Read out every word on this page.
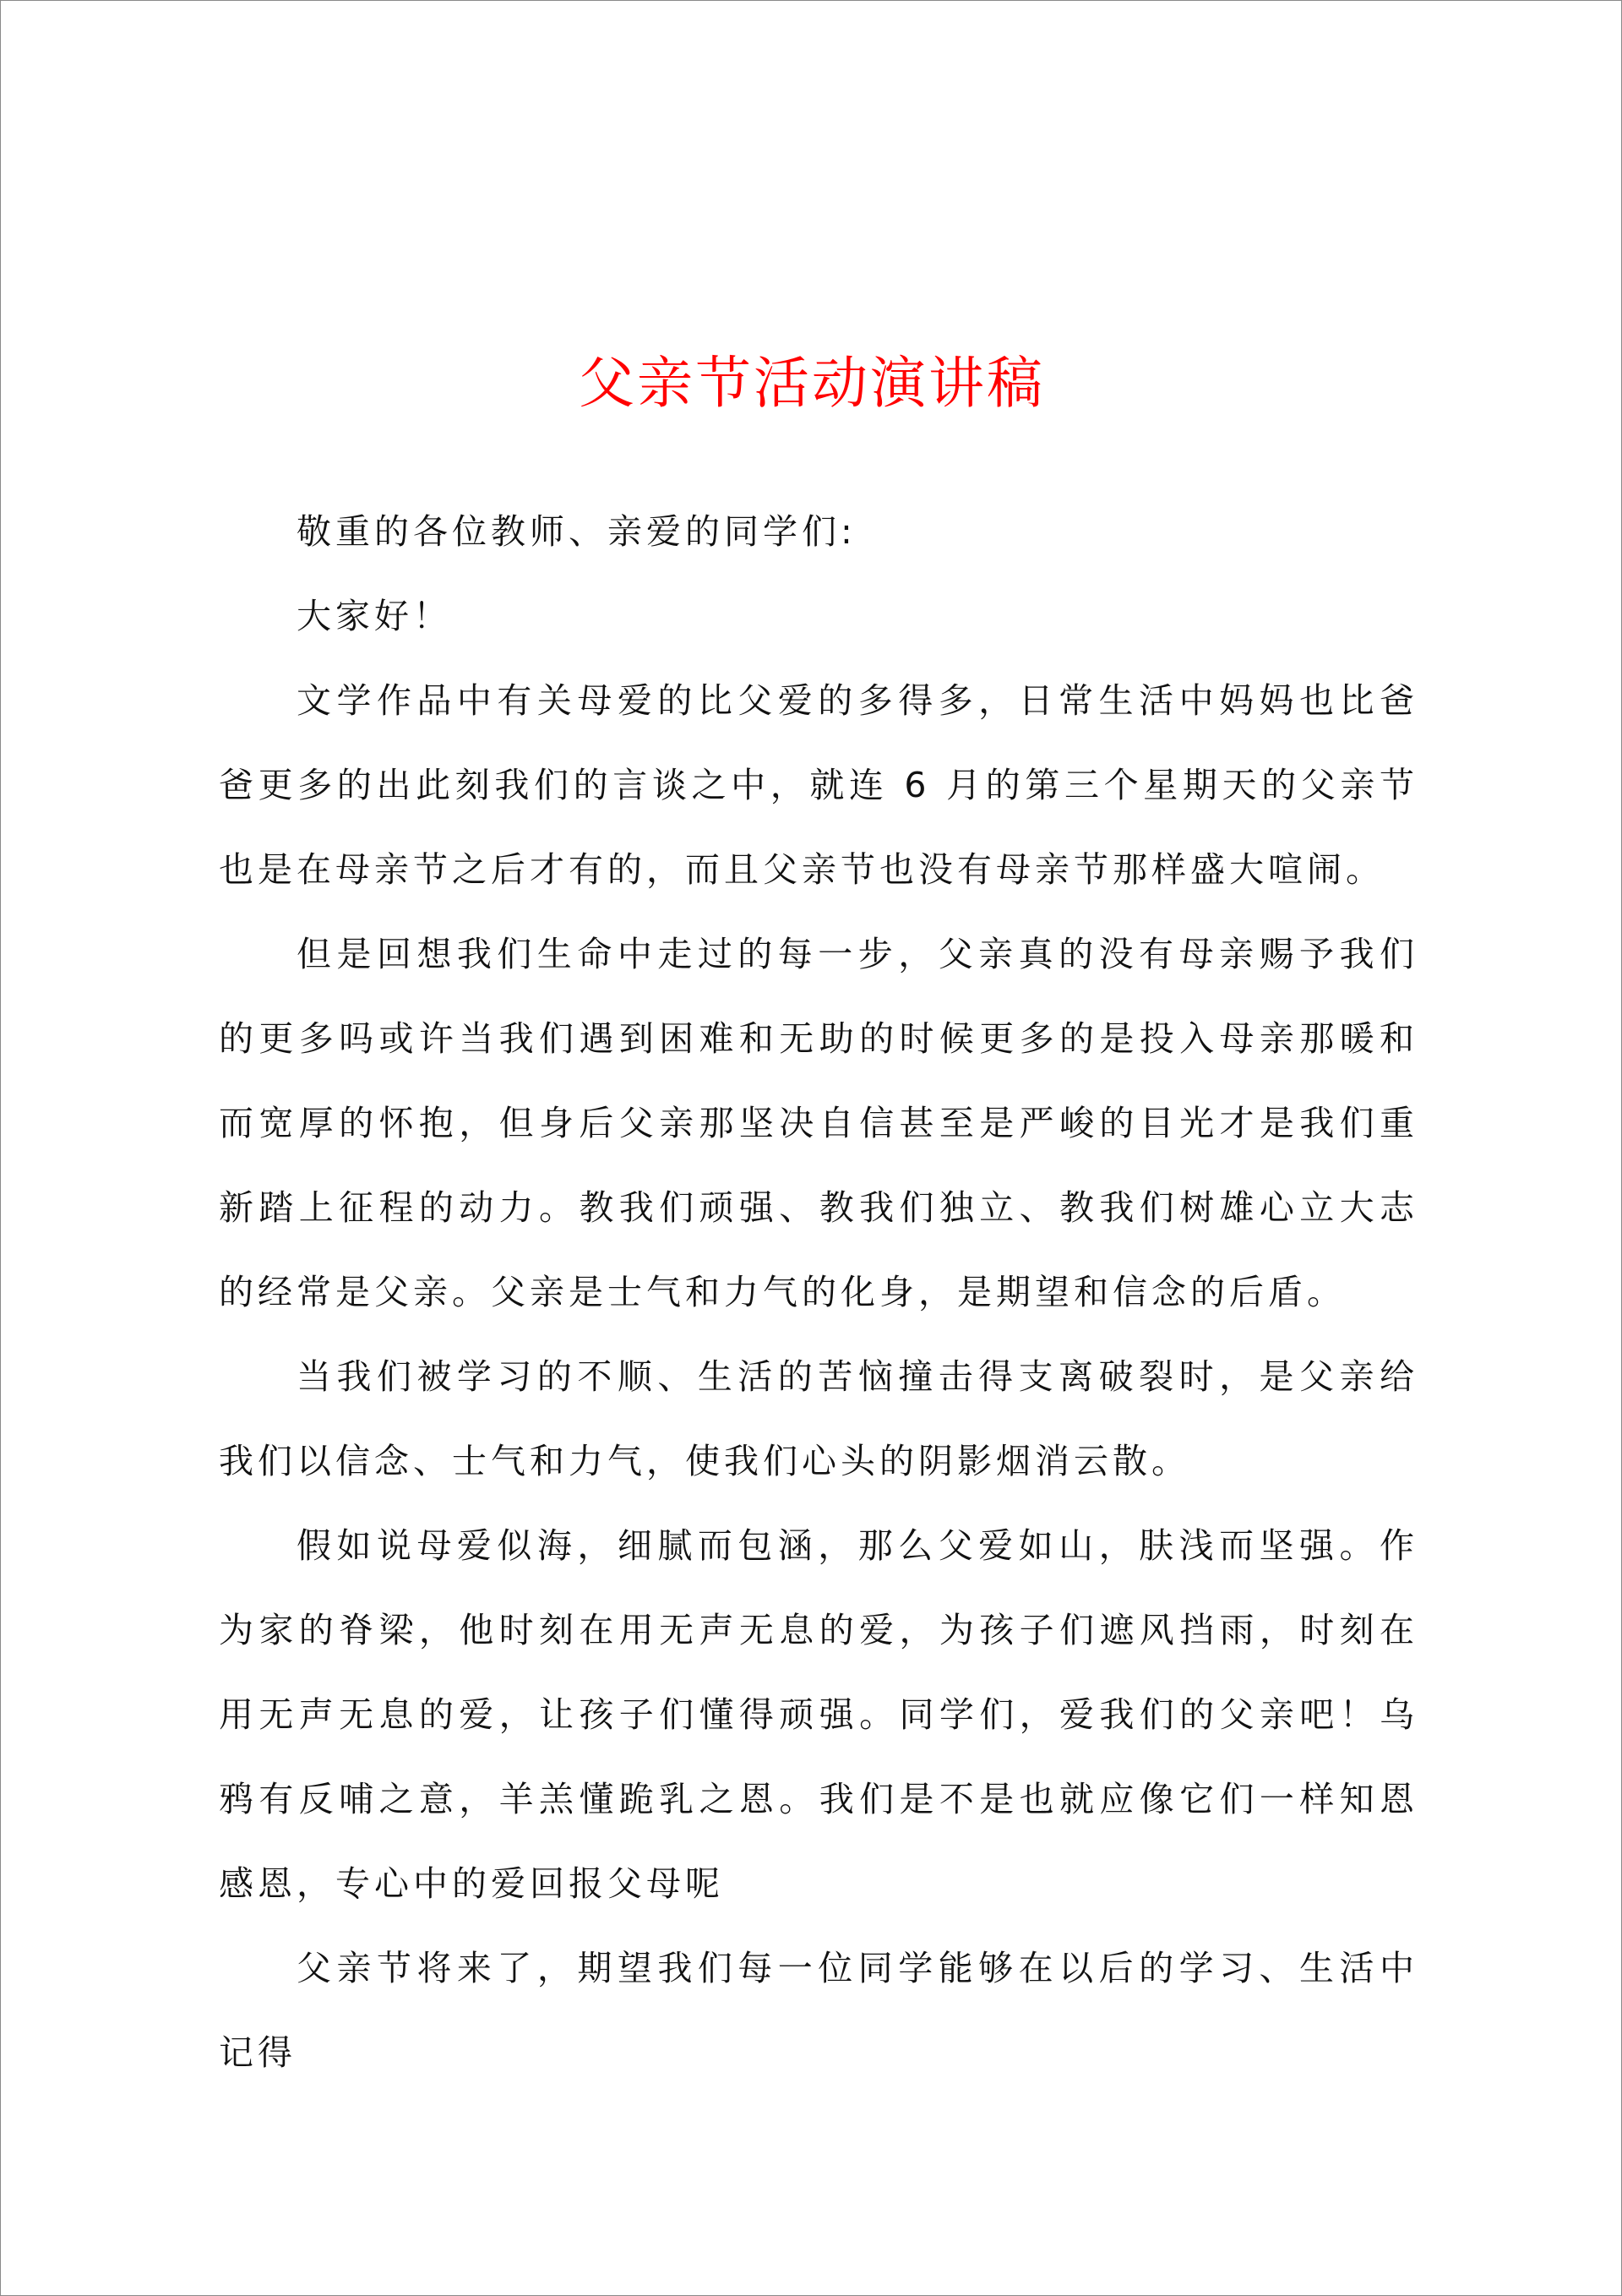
父亲节活动演讲稿

敬重的各位教师、亲爱的同学们:

大家好！

文学作品中有关母爱的比父爱的多得多，日常生活中妈妈也比爸爸更多的出此刻我们的言谈之中，就连 6 月的第三个星期天的父亲节也是在母亲节之后才有的，而且父亲节也没有母亲节那样盛大喧闹。

但是回想我们生命中走过的每一步，父亲真的没有母亲赐予我们的更多吗或许当我们遇到困难和无助的时候更多的是投入母亲那暖和而宽厚的怀抱，但身后父亲那坚决自信甚至是严峻的目光才是我们重新踏上征程的动力。教我们顽强、教我们独立、教我们树雄心立大志的经常是父亲。父亲是士气和力气的化身，是期望和信念的后盾。

当我们被学习的不顺、生活的苦恼撞击得支离破裂时，是父亲给我们以信念、士气和力气，使我们心头的阴影烟消云散。

假如说母爱似海，细腻而包涵，那么父爱如山，肤浅而坚强。作为家的脊梁，他时刻在用无声无息的爱，为孩子们遮风挡雨，时刻在用无声无息的爱，让孩子们懂得顽强。同学们，爱我们的父亲吧！乌鸦有反哺之意，羊羔懂跪乳之恩。我们是不是也就应像它们一样知恩感恩，专心中的爱回报父母呢

父亲节将来了，期望我们每一位同学能够在以后的学习、生活中记得
